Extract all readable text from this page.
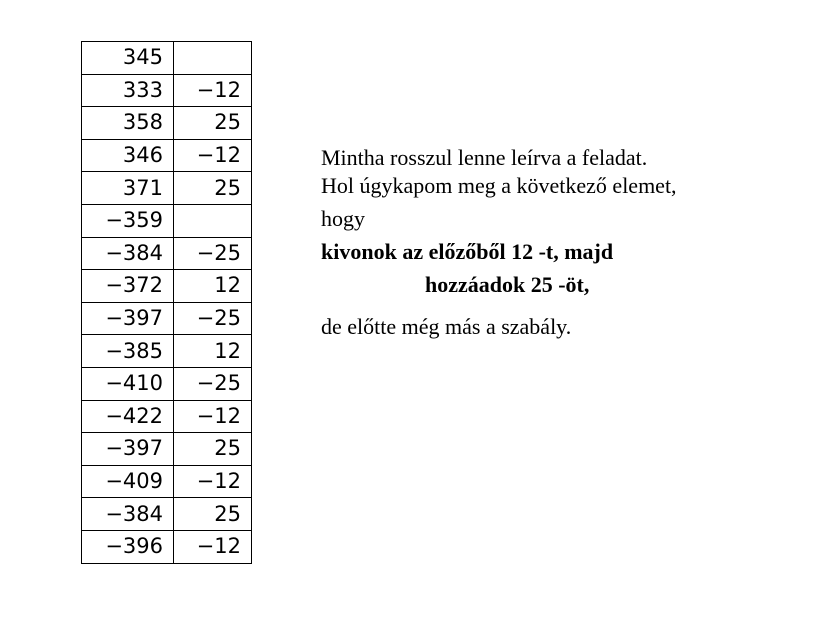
345	
333	−12
358	25
346	−12
371	25
−359	
−384	−25
−372	12
−397	−25
−385	12
−410	−25
−422	−12
−397	25
−409	−12
−384	25
−396	−12
Mintha rosszul lenne leírva a feladat.
Hol úgykapom meg a következő elemet,
hogy
kivonok az előzőből 12 -t, majd
hozzáadok 25 -öt,
de előtte még más a szabály.
